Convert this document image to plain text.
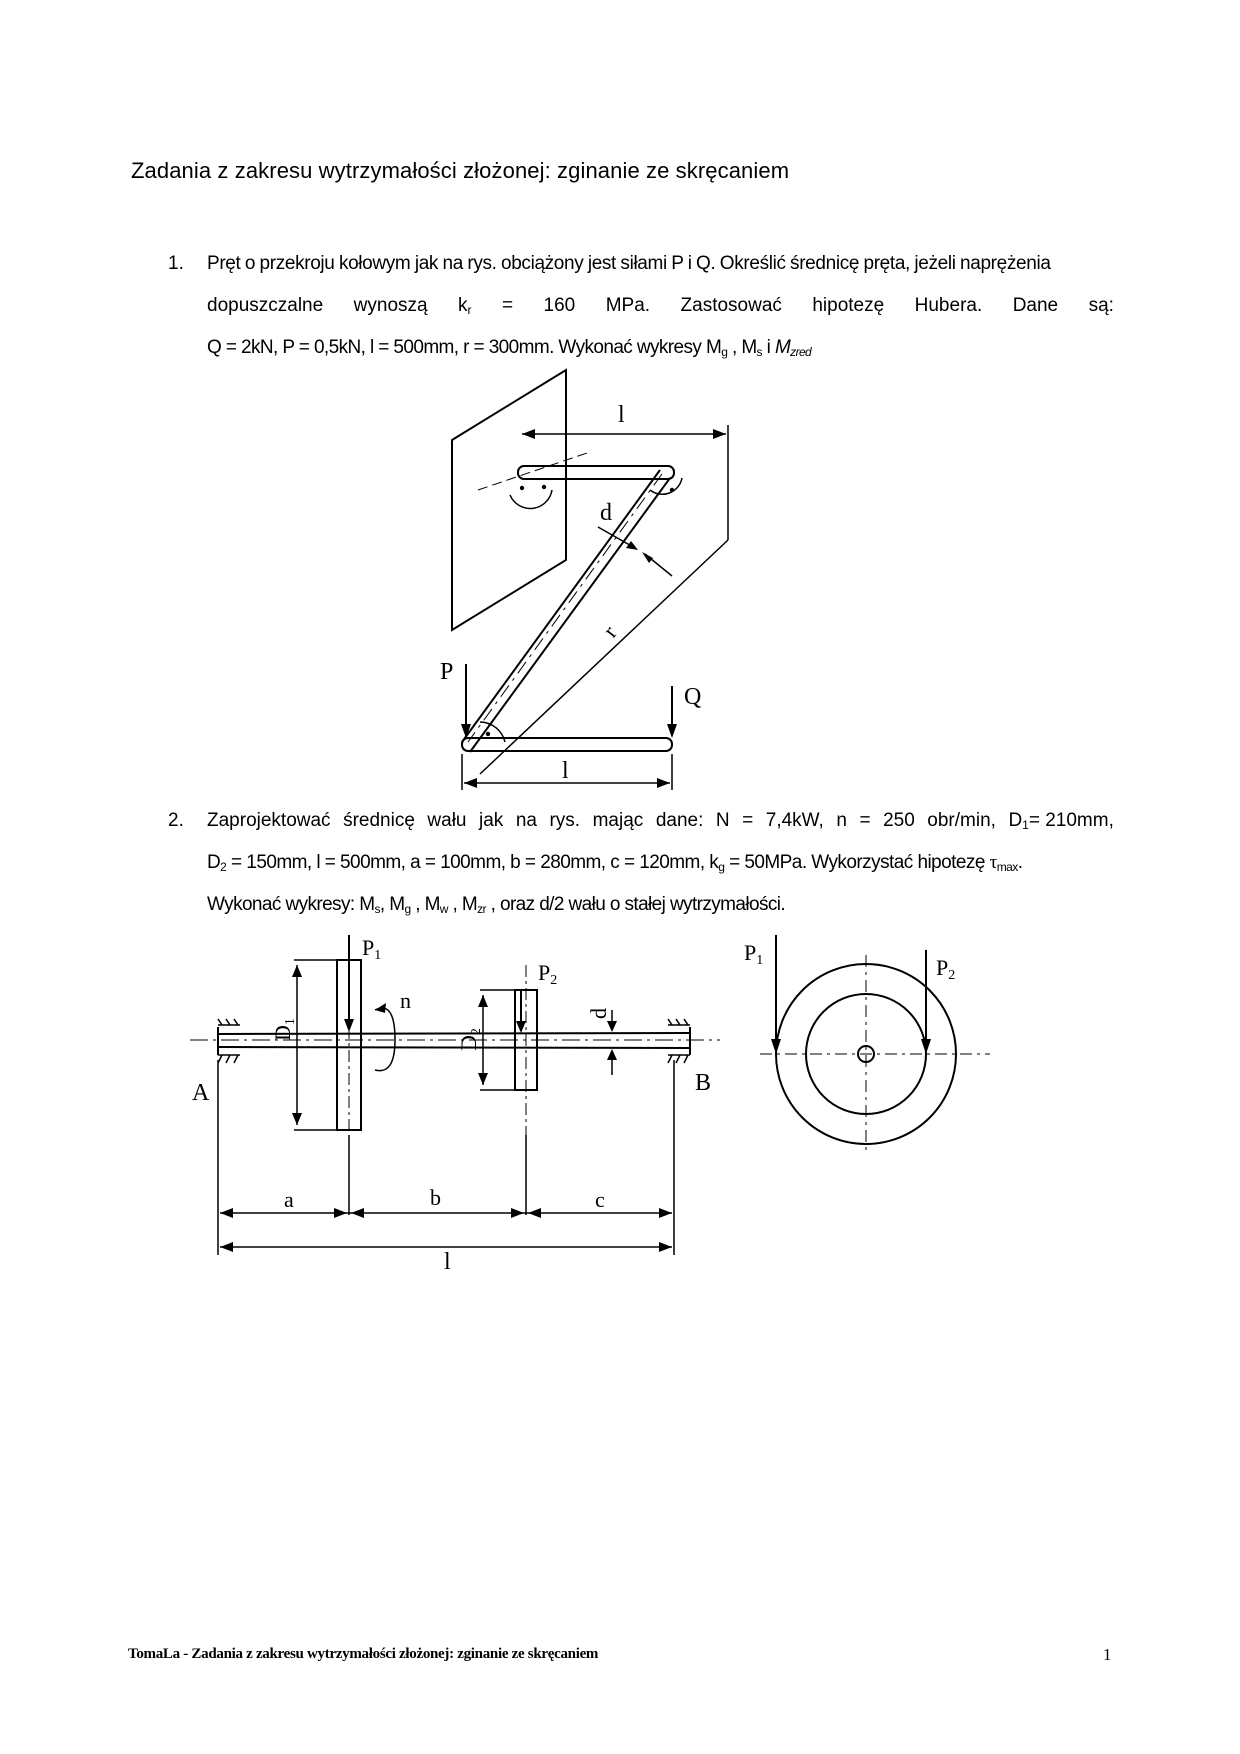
Zadania z zakresu wytrzymałości złożonej: zginanie ze skręcaniem
1. Pręt o przekroju kołowym jak na rys. obciążony jest siłami P i Q. Określić średnicę pręta, jeżeli naprężenia
dopuszczalne wynoszą $k_r = 160$ MPa. Zastosować hipotezę Hubera. Dane są:
Q = 2kN, P = 0,5kN, l = 500mm, r = 300mm. Wykonać wykresy $M_g$ , $M_s$ i $M_{zred}$
l
d
r
P
Q
l
2. Zaprojektować średnicę wału jak na rys. mając dane: N = 7,4kW, n = 250 obr/min, $D_1= 210mm$,
$D_2 = 150mm$, l = 500mm, a = 100mm, b = 280mm, c = 120mm, $k_g = 50MPa$. Wykorzystać hipotezę $\tau_{max}$.
Wykonać wykresy: $M_s$, $M_g$ , $M_w$ , $M_{zr}$ , oraz d/2 wału o stałej wytrzymałości.
P1
P2
n
D1
D2
d
A	B
a	b	c
l
P1	P2
TomaLa - Zadania z zakresu wytrzymałości złożonej: zginanie ze skręcaniem	1
